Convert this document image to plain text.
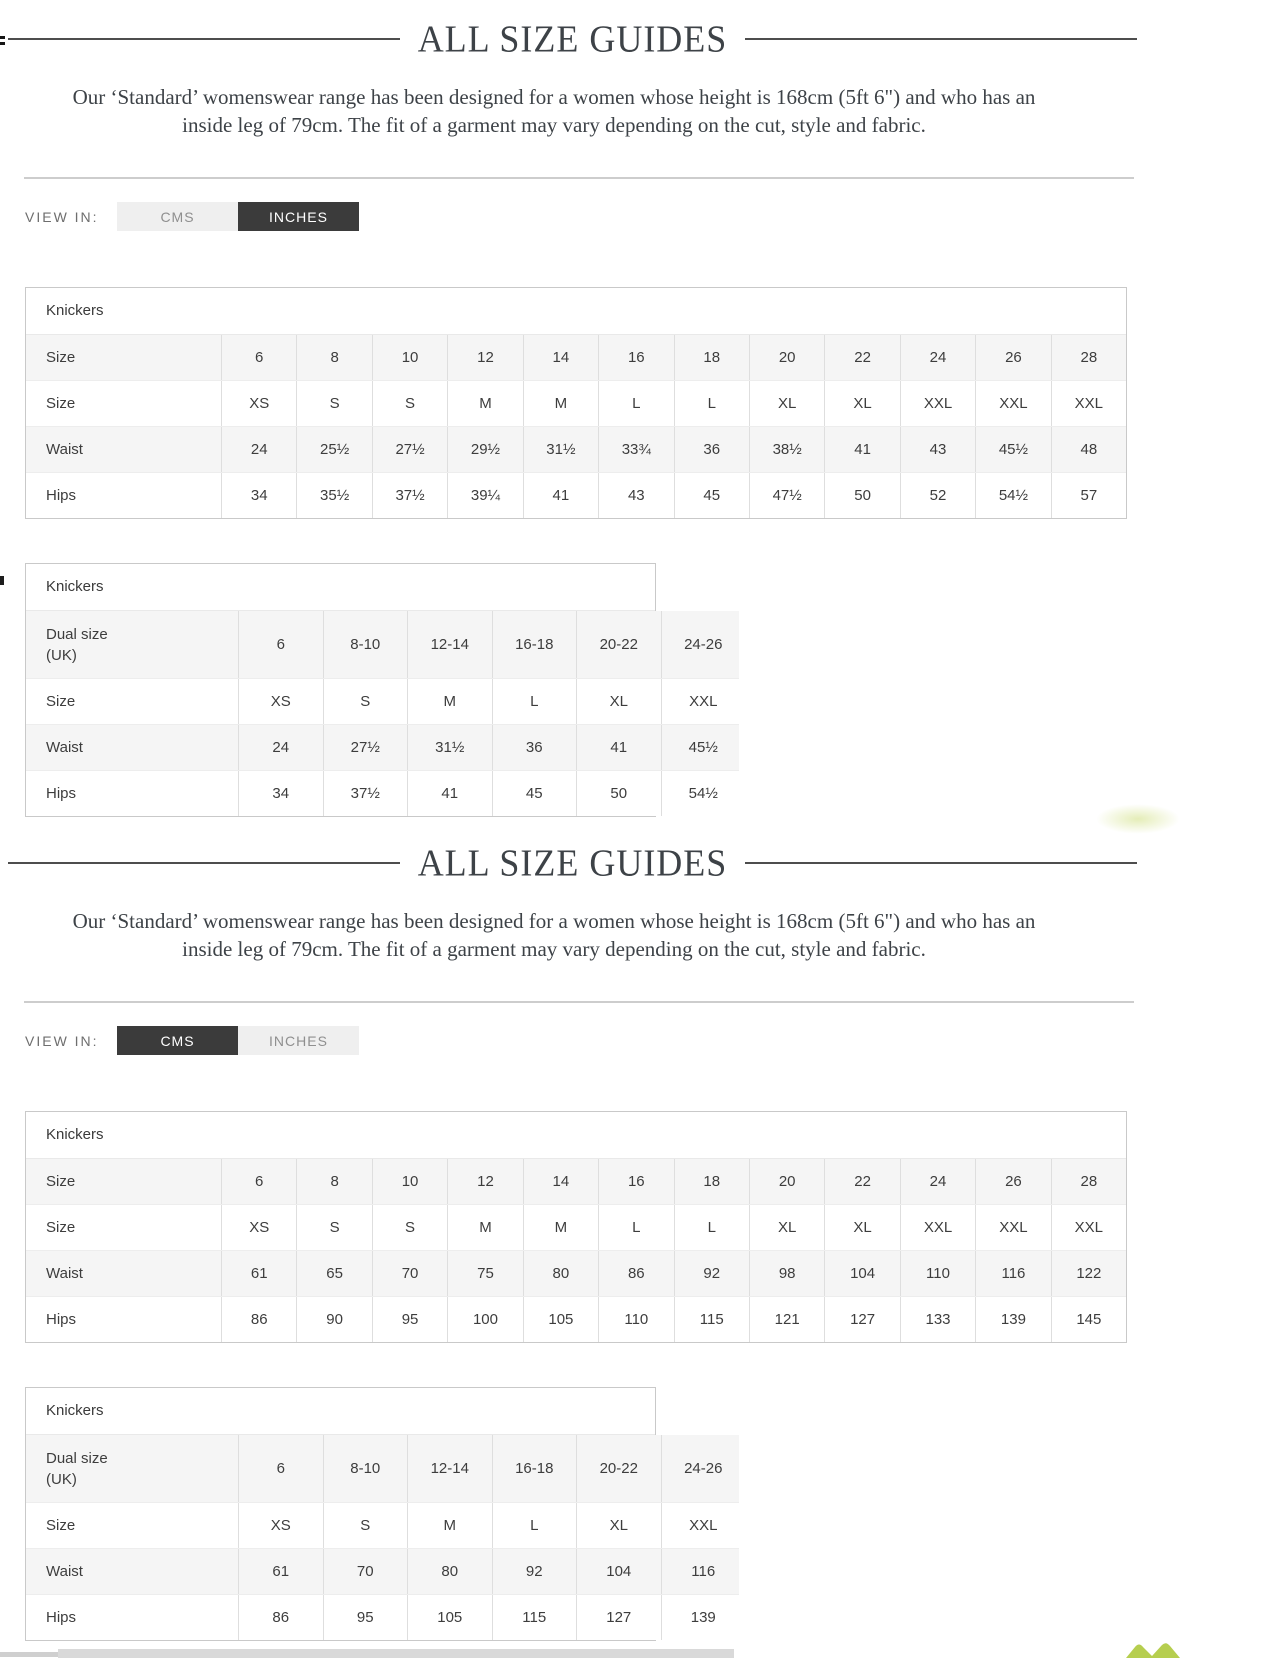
ALL SIZE GUIDES

Our ‘Standard’ womenswear range has been designed for a women whose height is 168cm (5ft 6") and who has an
inside leg of 79cm. The fit of a garment may vary depending on the cut, style and fabric.

VIEW IN:	CMS	INCHES
Knickers
Size	6	8	10	12	14	16	18	20	22	24	26	28
Size	XS	S	S	M	M	L	L	XL	XL	XXL	XXL	XXL
Waist	24	25½	27½	29½	31½	33¾	36	38½	41	43	45½	48
Hips	34	35½	37½	39¼	41	43	45	47½	50	52	54½	57
Knickers
Dual size
(UK)
6	8-10	12-14	16-18	20-22	24-26
Size	XS	S	M	L	XL	XXL
Waist	24	27½	31½	36	41	45½
Hips	34	37½	41	45	50	54½
ALL SIZE GUIDES

Our ‘Standard’ womenswear range has been designed for a women whose height is 168cm (5ft 6") and who has an
inside leg of 79cm. The fit of a garment may vary depending on the cut, style and fabric.

VIEW IN:	CMS	INCHES
Knickers
Size	6	8	10	12	14	16	18	20	22	24	26	28
Size	XS	S	S	M	M	L	L	XL	XL	XXL	XXL	XXL
Waist	61	65	70	75	80	86	92	98	104	110	116	122
Hips	86	90	95	100	105	110	115	121	127	133	139	145
Knickers
Dual size
(UK)
6	8-10	12-14	16-18	20-22	24-26
Size	XS	S	M	L	XL	XXL
Waist	61	70	80	92	104	116
Hips	86	95	105	115	127	139
